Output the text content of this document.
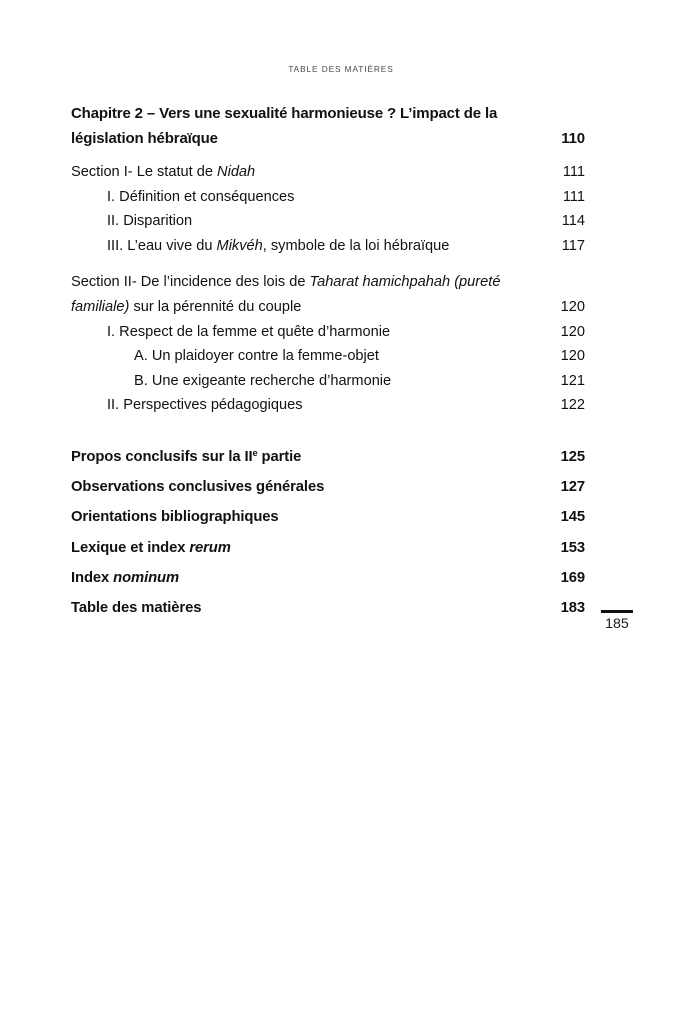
TABLE DES MATIÈRES
Chapitre 2 – Vers une sexualité harmonieuse ? L’impact de la législation hébraïque	110
Section I- Le statut de Nidah	111
I. Définition et conséquences	111
II. Disparition	114
III. L’eau vive du Mikvéh, symbole de la loi hébraïque	117
Section II- De l’incidence des lois de Taharat hamichpahah (pureté familiale) sur la pérennité du couple	120
I. Respect de la femme et quête d’harmonie	120
A. Un plaidoyer contre la femme-objet	120
B. Une exigeante recherche d’harmonie	121
II. Perspectives pédagogiques	122
Propos conclusifs sur la IIe partie	125
Observations conclusives générales	127
Orientations bibliographiques	145
Lexique et index rerum	153
Index nominum	169
Table des matières	183
185
